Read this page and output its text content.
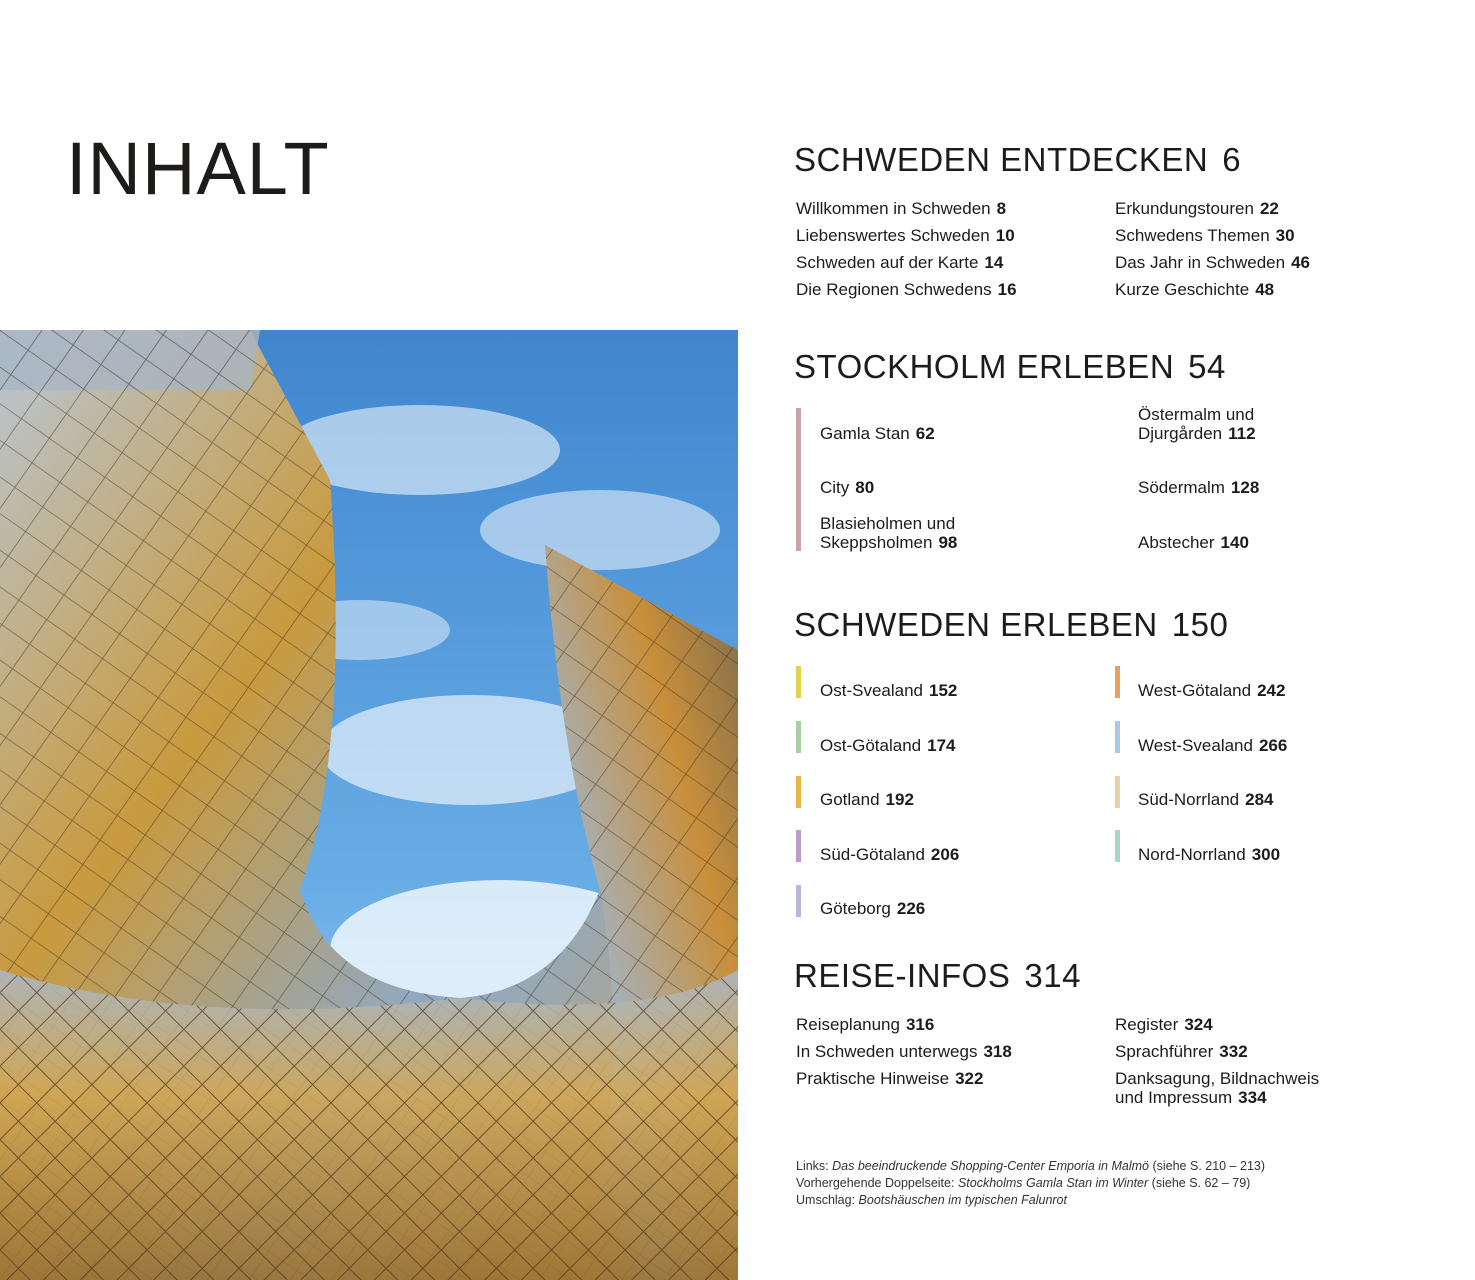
INHALT	SCHWEDEN ENTDECKEN 6
Willkommen in Schweden 8
Liebenswertes Schweden 10
Schweden auf der Karte 14
Die Regionen Schwedens 16
Erkundungstouren 22
Schwedens Themen 30
Das Jahr in Schweden 46
Kurze Geschichte 48
STOCKHOLM ERLEBEN 54
Gamla Stan 62
City 80
Blasieholmen und
Skeppsholmen 98
Östermalm und
Djurgården 112
Södermalm 128
Abstecher 140
SCHWEDEN ERLEBEN 150
Ost-Svealand 152
Ost-Götaland 174
Gotland 192
Süd-Götaland 206
Göteborg 226
West-Götaland 242
West-Svealand 266
Süd-Norrland 284
Nord-Norrland 300
REISE-INFOS 314
Reiseplanung 316
In Schweden unterwegs 318
Praktische Hinweise 322
Register 324
Sprachführer 332
Danksagung, Bildnachweis
und Impressum 334
Links: Das beeindruckende Shopping-Center Emporia in Malmö (siehe S. 210 – 213)
Vorhergehende Doppelseite: Stockholms Gamla Stan im Winter (siehe S. 62 – 79)
Umschlag: Bootshäuschen im typischen Falunrot
